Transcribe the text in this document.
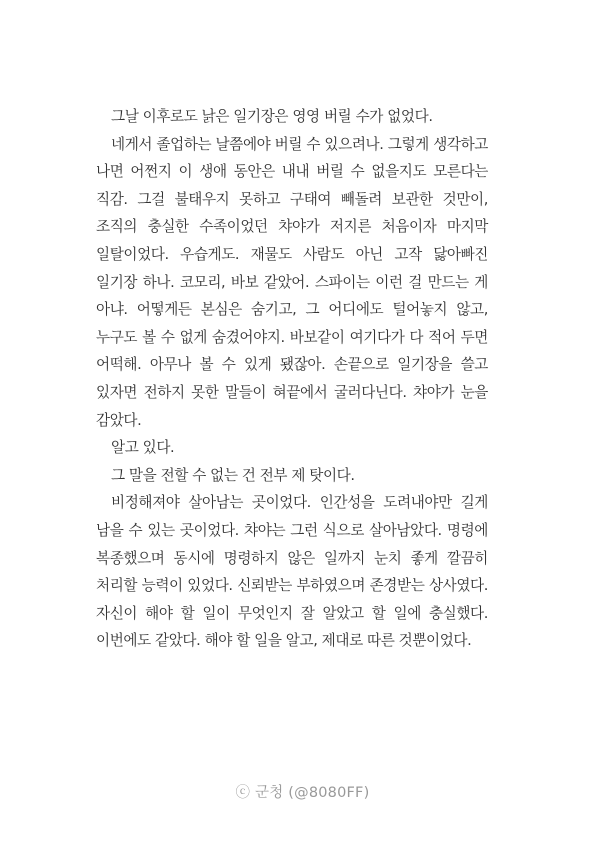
그날 이후로도 낡은 일기장은 영영 버릴 수가 없었다.

네게서 졸업하는 날쯤에야 버릴 수 있으려나. 그렇게 생각하고 나면 어쩐지 이 생애 동안은 내내 버릴 수 없을지도 모른다는 직감. 그걸 불태우지 못하고 구태여 빼돌려 보관한 것만이, 조직의 충실한 수족이었던 챠야가 저지른 처음이자 마지막 일탈이었다. 우습게도. 재물도 사람도 아닌 고작 닳아빠진 일기장 하나. 코모리, 바보 같았어. 스파이는 이런 걸 만드는 게 아냐. 어떻게든 본심은 숨기고, 그 어디에도 털어놓지 않고, 누구도 볼 수 없게 숨겼어야지. 바보같이 여기다가 다 적어 두면 어떡해. 아무나 볼 수 있게 됐잖아. 손끝으로 일기장을 쓸고 있자면 전하지 못한 말들이 혀끝에서 굴러다닌다. 챠야가 눈을 감았다.

알고 있다.

그 말을 전할 수 없는 건 전부 제 탓이다.

비정해져야 살아남는 곳이었다. 인간성을 도려내야만 길게 남을 수 있는 곳이었다. 챠야는 그런 식으로 살아남았다. 명령에 복종했으며 동시에 명령하지 않은 일까지 눈치 좋게 깔끔히 처리할 능력이 있었다. 신뢰받는 부하였으며 존경받는 상사였다. 자신이 해야 할 일이 무엇인지 잘 알았고 할 일에 충실했다. 이번에도 같았다. 해야 할 일을 알고, 제대로 따른 것뿐이었다.

ⓒ 군청 (@8080FF)
